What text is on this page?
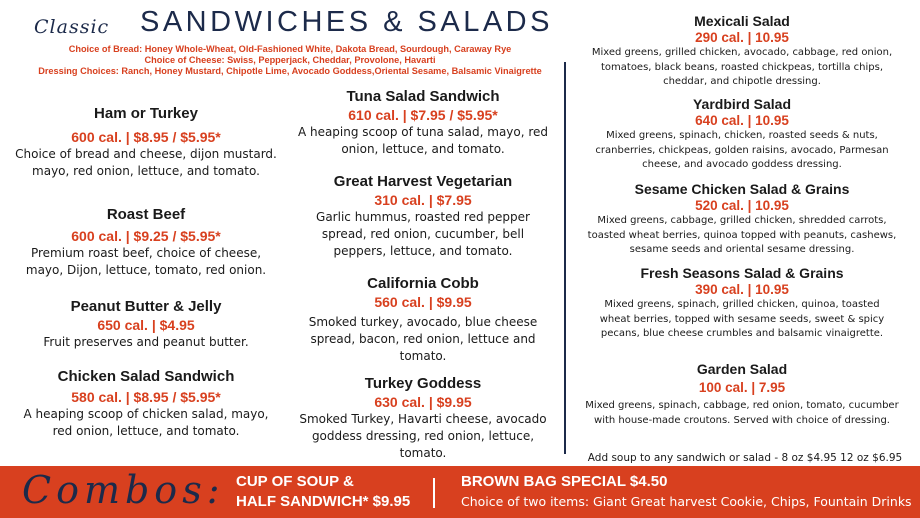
Classic SANDWICHES & SALADS
Choice of Bread: Honey Whole-Wheat, Old-Fashioned White, Dakota Bread, Sourdough, Caraway Rye
Choice of Cheese: Swiss, Pepperjack, Cheddar, Provolone, Havarti
Dressing Choices: Ranch, Honey Mustard, Chipotle Lime, Avocado Goddess,Oriental Sesame, Balsamic Vinaigrette
Ham or Turkey
600 cal. | $8.95 / $5.95*
Choice of bread and cheese, dijon mustard.
mayo, red onion, lettuce, and tomato.
Roast Beef
600 cal. | $9.25 / $5.95*
Premium roast beef, choice of cheese,
mayo, Dijon, lettuce, tomato, red onion.
Peanut Butter & Jelly
650 cal. | $4.95
Fruit preserves and peanut butter.
Chicken Salad Sandwich
580 cal. | $8.95 / $5.95*
A heaping scoop of chicken salad, mayo,
red onion, lettuce, and tomato.
Tuna Salad Sandwich
610 cal. | $7.95 / $5.95*
A heaping scoop of tuna salad, mayo, red
onion, lettuce, and tomato.
Great Harvest Vegetarian
310 cal. | $7.95
Garlic hummus, roasted red pepper
spread, red onion, cucumber, bell
peppers, lettuce, and tomato.
California Cobb
560 cal. | $9.95
Smoked turkey, avocado, blue cheese
spread, bacon, red onion, lettuce and
tomato.
Turkey Goddess
630 cal. | $9.95
Smoked Turkey, Havarti cheese, avocado
goddess dressing, red onion, lettuce,
tomato.
Mexicali Salad
290 cal. | 10.95
Mixed greens, grilled chicken, avocado, cabbage, red onion,
tomatoes, black beans, roasted chickpeas, tortilla chips,
cheddar, and chipotle dressing.
Yardbird Salad
640 cal. | 10.95
Mixed greens, spinach, chicken, roasted seeds & nuts,
cranberries, chickpeas, golden raisins, avocado, Parmesan
cheese, and avocado goddess dressing.
Sesame Chicken Salad & Grains
520 cal. | 10.95
Mixed greens, cabbage, grilled chicken, shredded carrots,
toasted wheat berries, quinoa topped with peanuts, cashews,
sesame seeds and oriental sesame dressing.
Fresh Seasons Salad & Grains
390 cal. | 10.95
Mixed greens, spinach, grilled chicken, quinoa, toasted
wheat berries, topped with sesame seeds, sweet & spicy
pecans, blue cheese crumbles and balsamic vinaigrette.
Garden Salad
100 cal. | 7.95
Mixed greens, spinach, cabbage, red onion, tomato, cucumber
with house-made croutons. Served with choice of dressing.
Add soup to any sandwich or salad - 8 oz $4.95 12 oz $6.95
Combos: CUP OF SOUP &
HALF SANDWICH* $9.95
BROWN BAG SPECIAL $4.50
Choice of two items: Giant Great harvest Cookie, Chips, Fountain Drinks
